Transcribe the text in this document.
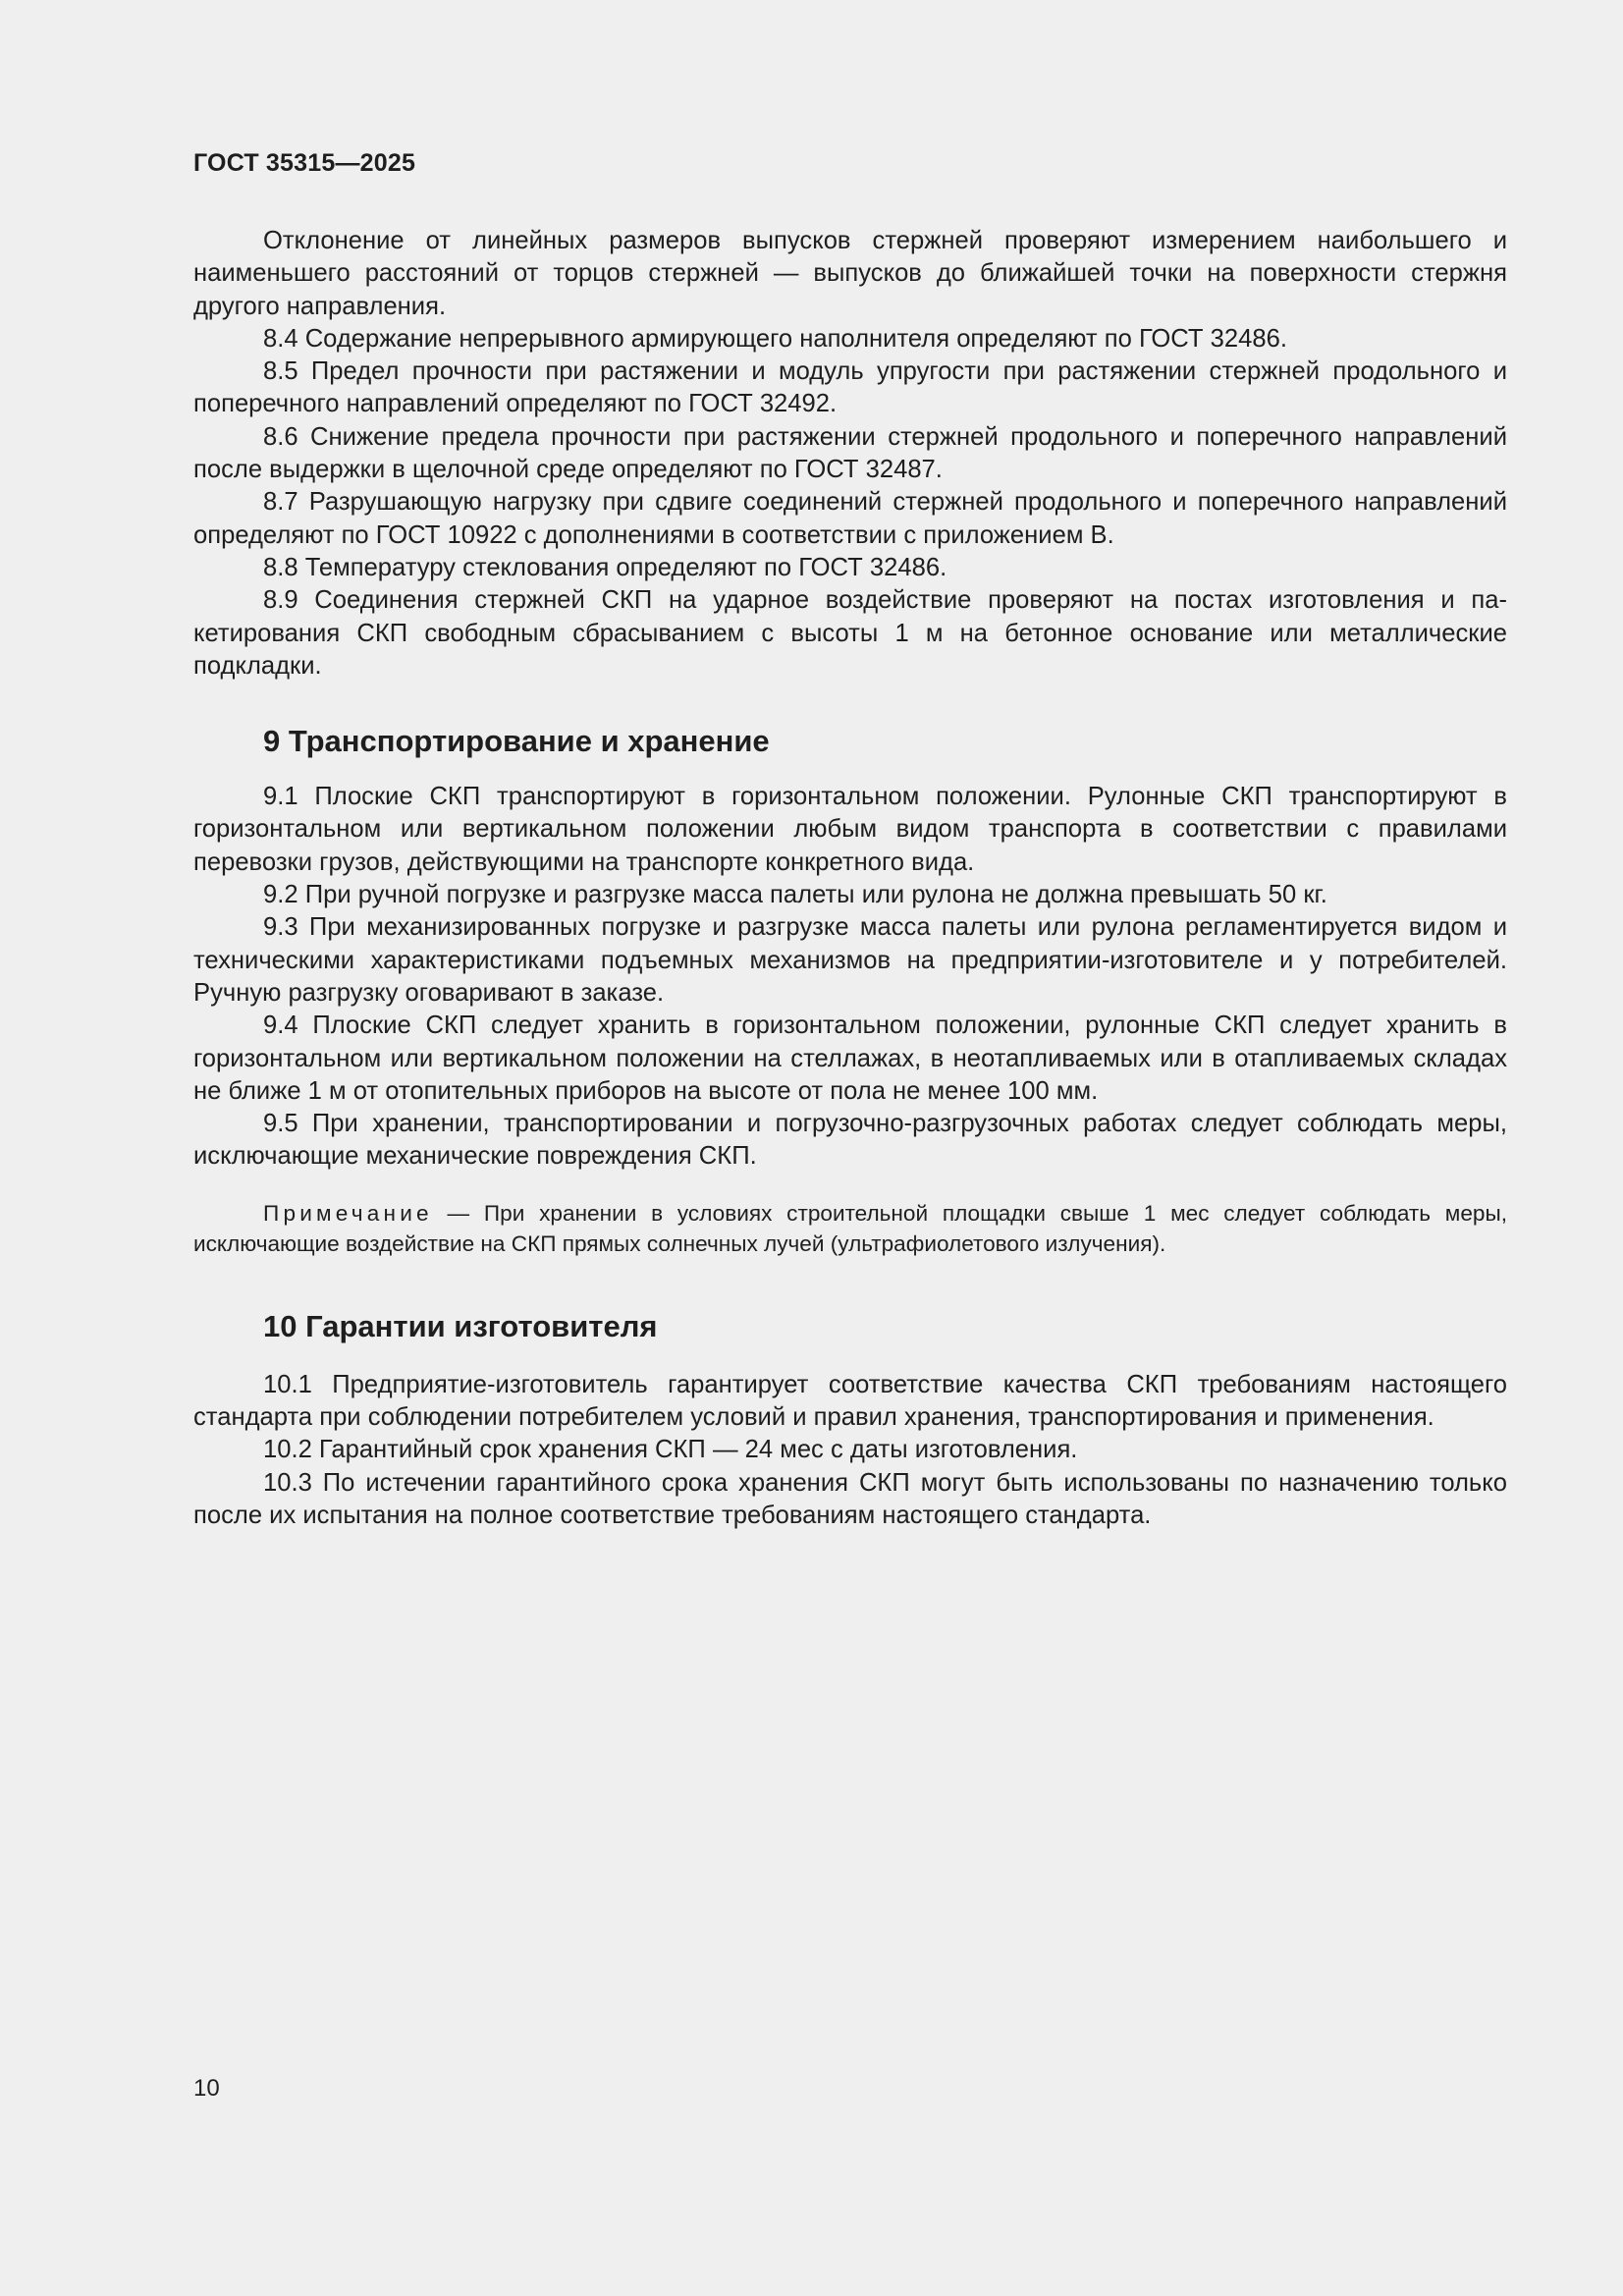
ГОСТ 35315—2025

Отклонение от линейных размеров выпусков стержней проверяют измерением наибольшего и наименьшего расстояний от торцов стержней — выпусков до ближайшей точки на поверхности стержня другого направления.

8.4 Содержание непрерывного армирующего наполнителя определяют по ГОСТ 32486.

8.5 Предел прочности при растяжении и модуль упругости при растяжении стержней продольного и поперечного направлений определяют по ГОСТ 32492.

8.6 Снижение предела прочности при растяжении стержней продольного и поперечного направлений после выдержки в щелочной среде определяют по ГОСТ 32487.

8.7 Разрушающую нагрузку при сдвиге соединений стержней продольного и поперечного направлений определяют по ГОСТ 10922 с дополнениями в соответствии с приложением В.

8.8 Температуру стеклования определяют по ГОСТ 32486.

8.9 Соединения стержней СКП на ударное воздействие проверяют на постах изготовления и пакетирования СКП свободным сбрасыванием с высоты 1 м на бетонное основание или металлические подкладки.

9 Транспортирование и хранение

9.1 Плоские СКП транспортируют в горизонтальном положении. Рулонные СКП транспортируют в горизонтальном или вертикальном положении любым видом транспорта в соответствии с правилами перевозки грузов, действующими на транспорте конкретного вида.

9.2 При ручной погрузке и разгрузке масса палеты или рулона не должна превышать 50 кг.

9.3 При механизированных погрузке и разгрузке масса палеты или рулона регламентируется видом и техническими характеристиками подъемных механизмов на предприятии-изготовителе и у потребителей. Ручную разгрузку оговаривают в заказе.

9.4 Плоские СКП следует хранить в горизонтальном положении, рулонные СКП следует хранить в горизонтальном или вертикальном положении на стеллажах, в неотапливаемых или в отапливаемых складах не ближе 1 м от отопительных приборов на высоте от пола не менее 100 мм.

9.5 При хранении, транспортировании и погрузочно-разгрузочных работах следует соблюдать меры, исключающие механические повреждения СКП.

Примечание — При хранении в условиях строительной площадки свыше 1 мес следует соблюдать меры, исключающие воздействие на СКП прямых солнечных лучей (ультрафиолетового излучения).

10 Гарантии изготовителя

10.1 Предприятие-изготовитель гарантирует соответствие качества СКП требованиям настоящего стандарта при соблюдении потребителем условий и правил хранения, транспортирования и применения.

10.2 Гарантийный срок хранения СКП — 24 мес с даты изготовления.

10.3 По истечении гарантийного срока хранения СКП могут быть использованы по назначению только после их испытания на полное соответствие требованиям настоящего стандарта.

10
